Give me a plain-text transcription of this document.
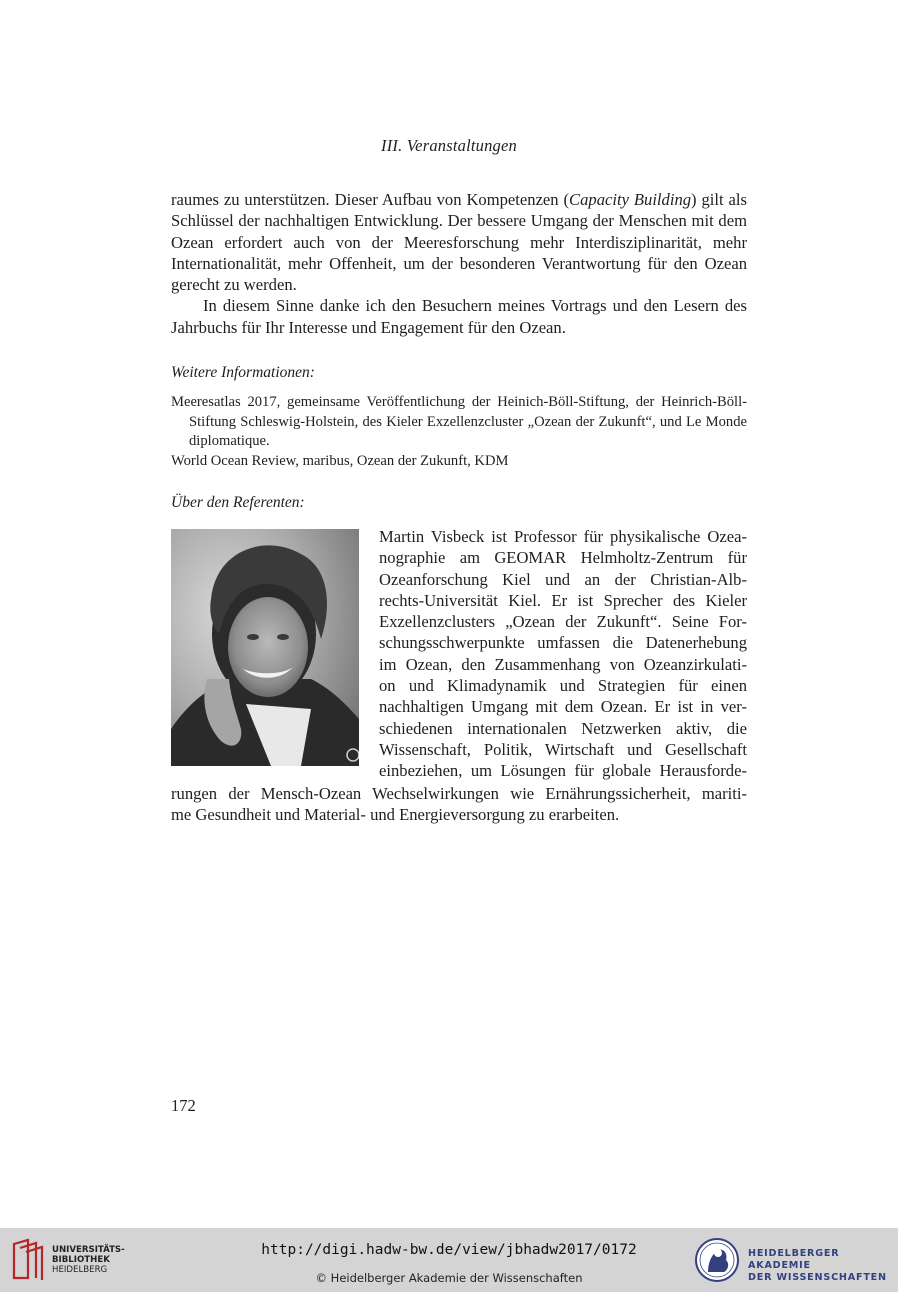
III. Veranstaltungen

raumes zu unterstützen. Dieser Aufbau von Kompetenzen (Capacity Building) gilt als Schlüssel der nachhaltigen Entwicklung. Der bessere Umgang der Menschen mit dem Ozean erfordert auch von der Meeresforschung mehr Interdisziplinarität, mehr Internationalität, mehr Offenheit, um der besonderen Verantwortung für den Ozean gerecht zu werden.

In diesem Sinne danke ich den Besuchern meines Vortrags und den Lesern des Jahrbuchs für Ihr Interesse und Engagement für den Ozean.

Weitere Informationen:

Meeresatlas 2017, gemeinsame Veröffentlichung der Heinich-Böll-Stiftung, der Heinrich-Böll-Stiftung Schleswig-Holstein, des Kieler Exzellenzcluster „Ozean der Zukunft“, und Le Monde diplomatique.

World Ocean Review, maribus, Ozean der Zukunft, KDM

Über den Referenten:
Martin Visbeck ist Professor für physikalische Ozea-
nographie am GEOMAR Helmholtz-Zentrum für
Ozeanforschung Kiel und an der Christian-Alb-
rechts-Universität Kiel. Er ist Sprecher des Kieler
Exzellenzclusters „Ozean der Zukunft“. Seine For-
schungsschwerpunkte umfassen die Datenerhebung
im Ozean, den Zusammenhang von Ozeanzirkulati-
on und Klimadynamik und Strategien für einen
nachhaltigen Umgang mit dem Ozean. Er ist in ver-
schiedenen internationalen Netzwerken aktiv, die
Wissenschaft, Politik, Wirtschaft und Gesellschaft
einbeziehen, um Lösungen für globale Herausforde-
rungen der Mensch-Ozean Wechselwirkungen wie Ernährungssicherheit, mariti-
me Gesundheit und Material- und Energieversorgung zu erarbeiten.
172
UNIVERSITÄTS-
BIBLIOTHEK
HEIDELBERG
http://digi.hadw-bw.de/view/jbhadw2017/0172
© Heidelberger Akademie der Wissenschaften
HEIDELBERGER AKADEMIE
DER WISSENSCHAFTEN
